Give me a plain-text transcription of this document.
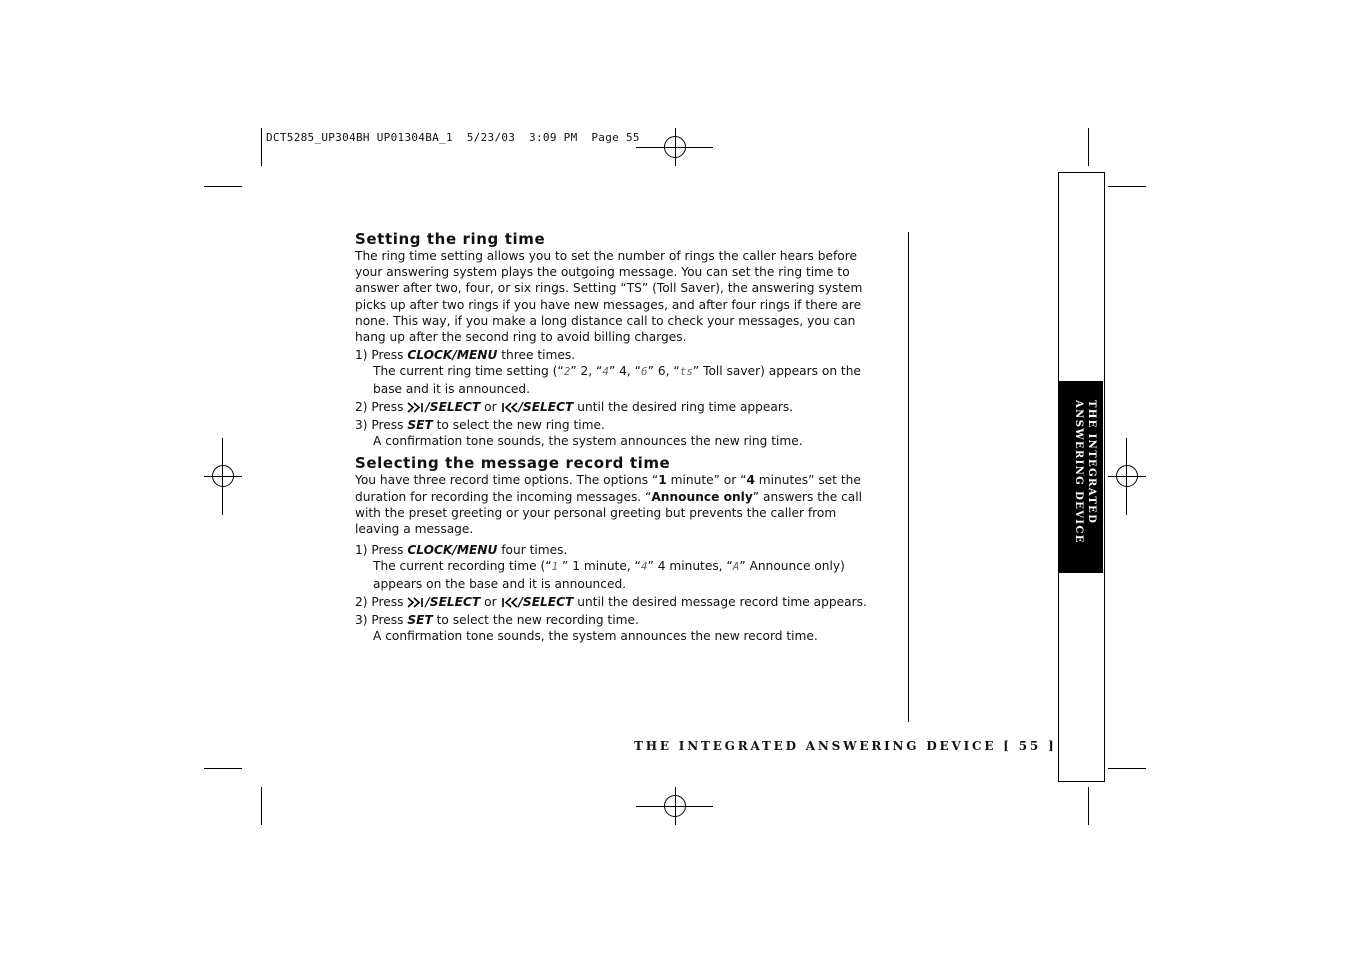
DCT5285_UP304BH UP01304BA_1  5/23/03  3:09 PM  Page 55
Setting the ring time

The ring time setting allows you to set the number of rings the caller hears before your answering system plays the outgoing message. You can set the ring time to answer after two, four, or six rings. Setting “TS” (Toll Saver), the answering system picks up after two rings if you have new messages, and after four rings if there are none. This way, if you make a long distance call to check your messages, you can hang up after the second ring to avoid billing charges.

1) Press CLOCK/MENU three times.
The current ring time setting (“2” 2, “4” 4, “6” 6, “ts” Toll saver) appears on the base and it is announced.
2) Press /SELECT or /SELECT until the desired ring time appears.
3) Press SET to select the new ring time.
A confirmation tone sounds, the system announces the new ring time.
Selecting the message record time

You have three record time options. The options “1 minute” or “4 minutes” set the duration for recording the incoming messages. “Announce only” answers the call with the preset greeting or your personal greeting but prevents the caller from leaving a message.

1) Press CLOCK/MENU four times.
The current recording time (“1 ” 1 minute, “4” 4 minutes, “A” Announce only) appears on the base and it is announced.
2) Press /SELECT or /SELECT until the desired message record time appears.
3) Press SET to select the new recording time.
A confirmation tone sounds, the system announces the new record time.
THE INTEGRATED ANSWERING DEVICE [ 55 ]
THE INTEGRATED ANSWERING DEVICE
